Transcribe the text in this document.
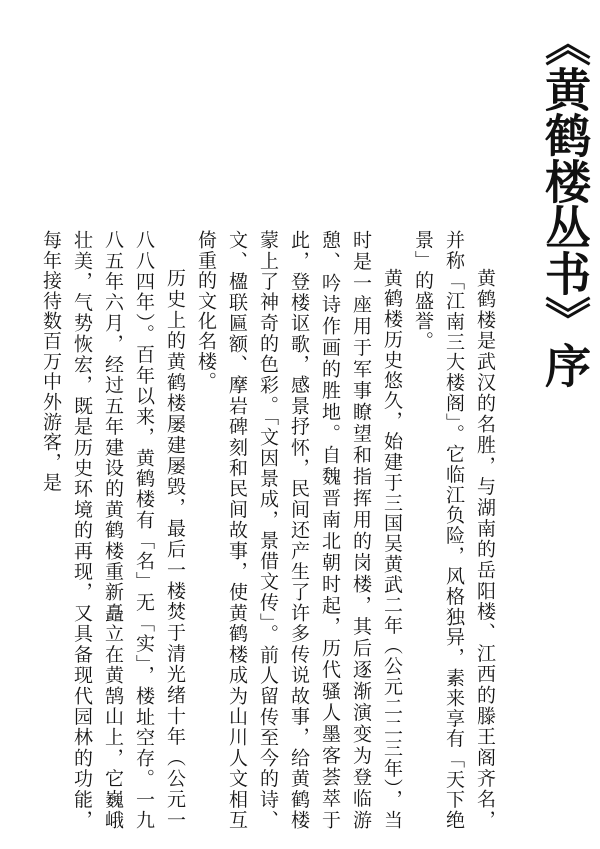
《黄鹤楼丛书》序

黄鹤楼是武汉的名胜，与湖南的岳阳楼、江西的滕王阁齐名，并称「江南三大楼阁」。它临江负险，风格独异，素来享有「天下绝景」的盛誉。

黄鹤楼历史悠久，始建于三国吴黄武二年（公元二二三年），当时是一座用于军事瞭望和指挥用的岗楼，其后逐渐演变为登临游憩、吟诗作画的胜地。自魏晋南北朝时起，历代骚人墨客荟萃于此，登楼讴歌，感景抒怀，民间还产生了许多传说故事，给黄鹤楼蒙上了神奇的色彩。「文因景成，景借文传」。前人留传至今的诗、文、楹联匾额、摩岩碑刻和民间故事，使黄鹤楼成为山川人文相互倚重的文化名楼。

历史上的黄鹤楼屡建屡毁，最后一楼焚于清光绪十年（公元一八八四年）。百年以来，黄鹤楼有「名」无「实」，楼址空存。一九八五年六月，经过五年建设的黄鹤楼重新矗立在黄鹄山上，它巍峨壮美，气势恢宏，既是历史环境的再现，又具备现代园林的功能，每年接待数百万中外游客，是
